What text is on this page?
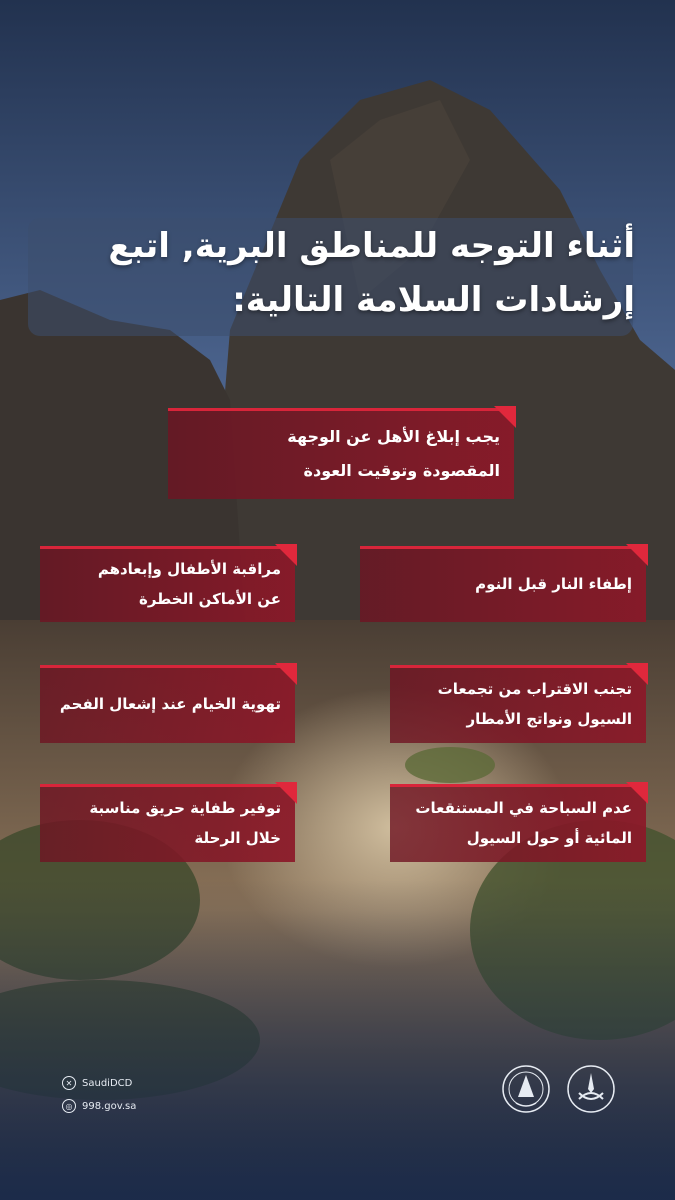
أثناء التوجه للمناطق البرية, اتبع
إرشادات السلامة التالية:
يجب إبلاغ الأهل عن الوجهة
المقصودة وتوقيت العودة
إطفاء النار قبل النوم
مراقبة الأطفال وإبعادهم
عن الأماكن الخطرة
تجنب الاقتراب من تجمعات
السيول ونواتج الأمطار
تهوية الخيام عند إشعال الفحم
عدم السباحة في المستنقعات
المائية أو حول السيول
توفير طفاية حريق مناسبة
خلال الرحلة
✕ SaudiDCD
◎ 998.gov.sa
